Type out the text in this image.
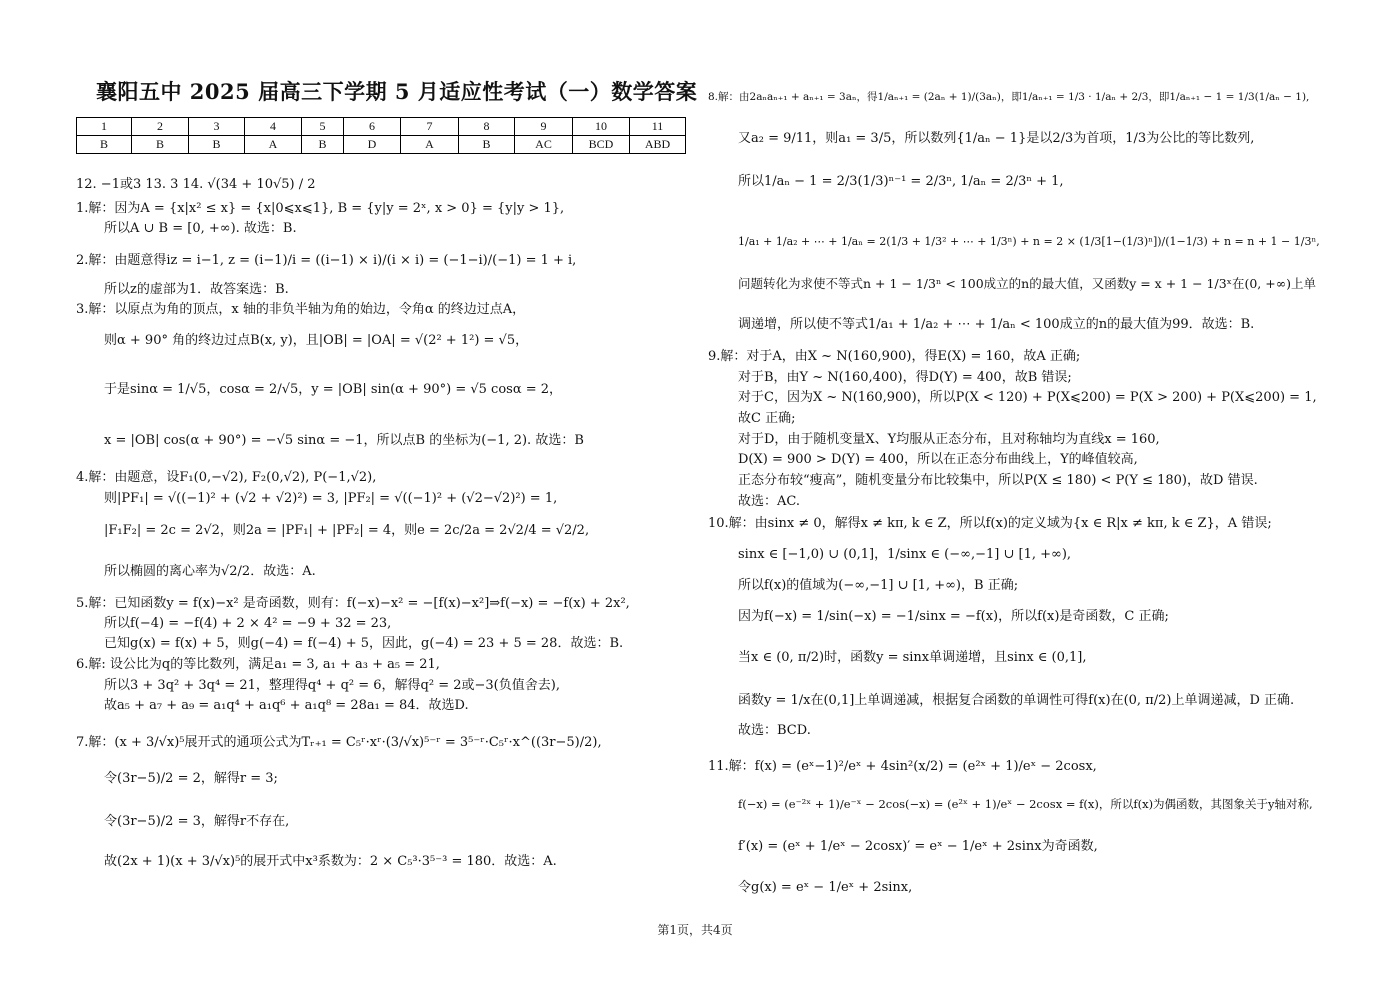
襄阳五中 2025 届高三下学期 5 月适应性考试（一）数学答案
1	2	3	4	5	6	7	8	9	10	11
B	B	B	A	B	D	A	B	AC	BCD	ABD
12. −1或3 13. 3 14. √(34 + 10√5) / 2
1.解：因为A = {x|x² ≤ x} = {x|0⩽x⩽1}, B = {y|y = 2ˣ, x > 0} = {y|y > 1},
所以A ∪ B = [0, +∞). 故选：B.
2.解：由题意得iz = i−1, z = (i−1)/i = ((i−1) × i)/(i × i) = (−1−i)/(−1) = 1 + i,
所以z的虚部为1．故答案选：B.
3.解：以原点为角的顶点，x 轴的非负半轴为角的始边，令角α 的终边过点A，
则α + 90° 角的终边过点B(x, y)，且|OB| = |OA| = √(2² + 1²) = √5，
于是sinα = 1/√5，cosα = 2/√5，y = |OB| sin(α + 90°) = √5 cosα = 2，
x = |OB| cos(α + 90°) = −√5 sinα = −1，所以点B 的坐标为(−1, 2). 故选：B
4.解：由题意，设F₁(0,−√2), F₂(0,√2), P(−1,√2),
则|PF₁| = √((−1)² + (√2 + √2)²) = 3, |PF₂| = √((−1)² + (√2−√2)²) = 1,
|F₁F₂| = 2c = 2√2，则2a = |PF₁| + |PF₂| = 4，则e = 2c/2a = 2√2/4 = √2/2,
所以椭圆的离心率为√2/2．故选：A.
5.解：已知函数y = f(x)−x² 是奇函数，则有：f(−x)−x² = −[f(x)−x²]⇒f(−x) = −f(x) + 2x²,
所以f(−4) = −f(4) + 2 × 4² = −9 + 32 = 23,
已知g(x) = f(x) + 5，则g(−4) = f(−4) + 5，因此，g(−4) = 23 + 5 = 28．故选：B.
6.解: 设公比为q的等比数列，满足a₁ = 3, a₁ + a₃ + a₅ = 21,
所以3 + 3q² + 3q⁴ = 21，整理得q⁴ + q² = 6，解得q² = 2或−3(负值舍去),
故a₅ + a₇ + a₉ = a₁q⁴ + a₁q⁶ + a₁q⁸ = 28a₁ = 84．故选D.
7.解：(x + 3/√x)⁵展开式的通项公式为Tᵣ₊₁ = C₅ʳ·xʳ·(3/√x)⁵⁻ʳ = 3⁵⁻ʳ·C₅ʳ·x^((3r−5)/2),
令(3r−5)/2 = 2，解得r = 3;
令(3r−5)/2 = 3，解得r不存在,
故(2x + 1)(x + 3/√x)⁵的展开式中x³系数为：2 × C₅³·3⁵⁻³ = 180．故选：A.
8.解：由2aₙaₙ₊₁ + aₙ₊₁ = 3aₙ，得1/aₙ₊₁ = (2aₙ + 1)/(3aₙ)，即1/aₙ₊₁ = 1/3 · 1/aₙ + 2/3，即1/aₙ₊₁ − 1 = 1/3(1/aₙ − 1),
又a₂ = 9/11，则a₁ = 3/5，所以数列{1/aₙ − 1}是以2/3为首项，1/3为公比的等比数列,
所以1/aₙ − 1 = 2/3(1/3)ⁿ⁻¹ = 2/3ⁿ, 1/aₙ = 2/3ⁿ + 1,
1/a₁ + 1/a₂ + ⋯ + 1/aₙ = 2(1/3 + 1/3² + ⋯ + 1/3ⁿ) + n = 2 × (1/3[1−(1/3)ⁿ])/(1−1/3) + n = n + 1 − 1/3ⁿ,
问题转化为求使不等式n + 1 − 1/3ⁿ < 100成立的n的最大值，又函数y = x + 1 − 1/3ˣ在(0, +∞)上单
调递增，所以使不等式1/a₁ + 1/a₂ + ⋯ + 1/aₙ < 100成立的n的最大值为99．故选：B.
9.解：对于A，由X ~ N(160,900)，得E(X) = 160，故A 正确;
对于B，由Y ~ N(160,400)，得D(Y) = 400，故B 错误;
对于C，因为X ~ N(160,900)，所以P(X < 120) + P(X⩽200) = P(X > 200) + P(X⩽200) = 1,
故C 正确;
对于D，由于随机变量X、Y均服从正态分布，且对称轴均为直线x = 160,
D(X) = 900 > D(Y) = 400，所以在正态分布曲线上，Y的峰值较高,
正态分布较“瘦高”，随机变量分布比较集中，所以P(X ≤ 180) < P(Y ≤ 180)，故D 错误.
故选：AC.
10.解：由sinx ≠ 0，解得x ≠ kπ, k ∈ Z，所以f(x)的定义域为{x ∈ R|x ≠ kπ, k ∈ Z}，A 错误;
sinx ∈ [−1,0) ∪ (0,1]，1/sinx ∈ (−∞,−1] ∪ [1, +∞),
所以f(x)的值域为(−∞,−1] ∪ [1, +∞)，B 正确;
因为f(−x) = 1/sin(−x) = −1/sinx = −f(x)，所以f(x)是奇函数，C 正确;
当x ∈ (0, π/2)时，函数y = sinx单调递增，且sinx ∈ (0,1],
函数y = 1/x在(0,1]上单调递减，根据复合函数的单调性可得f(x)在(0, π/2)上单调递减，D 正确.
故选：BCD.
11.解：f(x) = (eˣ−1)²/eˣ + 4sin²(x/2) = (e²ˣ + 1)/eˣ − 2cosx,
f(−x) = (e⁻²ˣ + 1)/e⁻ˣ − 2cos(−x) = (e²ˣ + 1)/eˣ − 2cosx = f(x)，所以f(x)为偶函数，其图象关于y轴对称,
f′(x) = (eˣ + 1/eˣ − 2cosx)′ = eˣ − 1/eˣ + 2sinx为奇函数,
令g(x) = eˣ − 1/eˣ + 2sinx,
第1页，共4页
